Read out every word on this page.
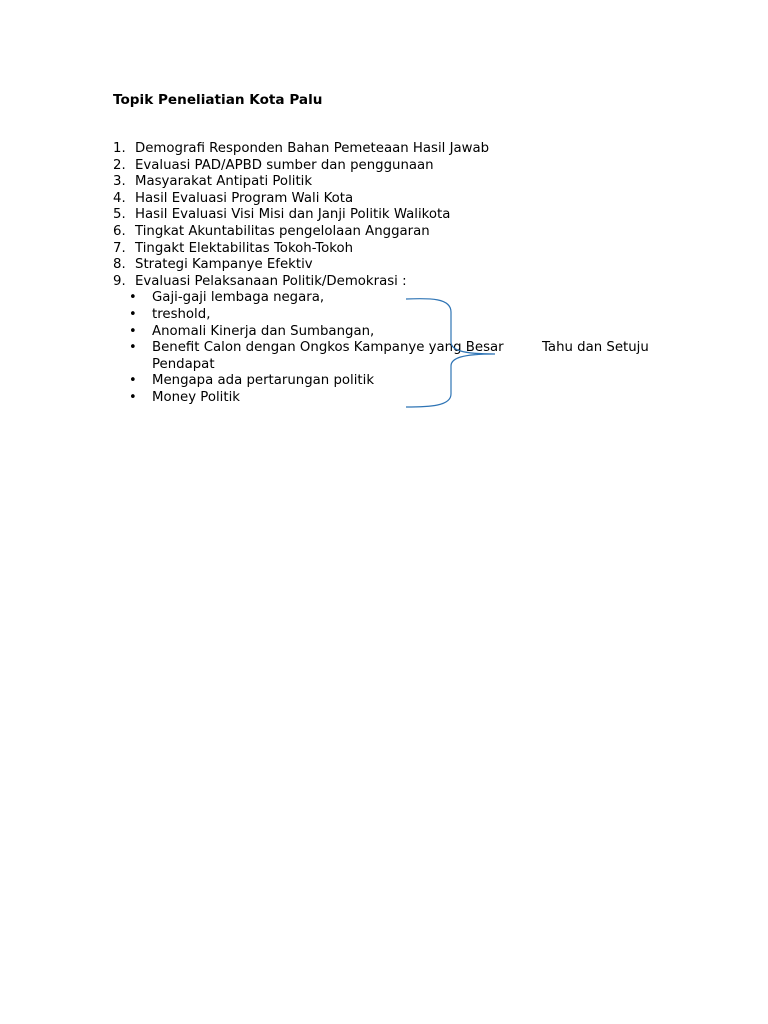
Topik Peneliatian Kota Palu
1. Demografi Responden Bahan Pemeteaan Hasil Jawab
2. Evaluasi PAD/APBD sumber dan penggunaan
3. Masyarakat Antipati Politik
4. Hasil Evaluasi Program Wali Kota
5. Hasil Evaluasi Visi Misi dan Janji Politik Walikota
6. Tingkat Akuntabilitas pengelolaan Anggaran
7. Tingakt Elektabilitas Tokoh-Tokoh
8. Strategi Kampanye Efektiv
9. Evaluasi Pelaksanaan Politik/Demokrasi :
• Gaji-gaji lembaga negara,
• treshold,
• Anomali Kinerja dan Sumbangan,
• Benefit Calon dengan Ongkos Kampanye yang Besar
Pendapat
• Mengapa ada pertarungan politik
• Money Politik
Tahu dan Setuju
